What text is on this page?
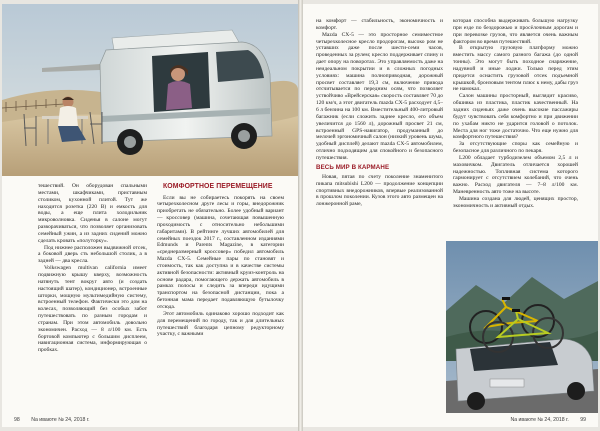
тешествий. Он оборудован спальными местами, шкафчиками, приставным столиком, кухонной плитой. Тут же находится розетка (220 В) и емкость для воды, а еще плита холодильник микроволновка. Сиденья в салоне могут разворачиваться, что позволяет организовать семейный ужин, а из задних сидений можно сделать кровать «полуторку».

Под нижнее расположен выдвижной отсек, а боковой дверь сть небольшой столик, а в задней — два кресла.

Volkswagen multivan california имеет подвижную крышу кверху, возможность натянуть тент вокруг авто (и создать настоящий шатер), кондиционер, встроенные шторки, мощную мультимедийную систему, встроенный телефон. Фактически это дом на колесах, позволяющий без особых забот путешествовать по разным городам и странам. При этом автомобиль довольно экономичен. Расход — 8 л/100 км. Есть бортовой компьютер с большим дисплеем, навигационная система, информирующая о пробках.

КОМФОРТНОЕ ПЕРЕМЕЩЕНИЕ

Если вы не собираетесь покорять на своем четырехколесном друге лесы и горы, внедорожник приобретать не обязательно. Более удобный вариант — кроссовер (машина, сочетающая повышенную проходимость с относительно небольшими габаритами). В рейтинге лучших автомобилей для семейных поездок 2017 г., составленном изданиями Edmunds и Parents Magazine, в категории «среднеразмерный кроссовер» победил автомобиль Mazda CX-5. Семейные пары по становят и стоимость, так как доступна и в качестве системы активной безопасности: активный круиз-контроль на основе радара, помогающего держать автомобиль в рамках полосы и следить за впереди идущими транспортом на безопасной дистанции, пока а бетонная мама передает подавляющую бутылочку отсюда.

Этот автомобиль одинаково хорошо подходит как для перемещений по городу, так и для длительных путешествий благодаря цепному редукторному участку, с важными

98 Na иваюте № 24, 2018 г.

на комфорт — стабильность, экономичность и комфорт.

Mazda CX-5 — это просторное семиместное четырехколесное кресло продорогам, высоко ром не уставших даже после шести-семи часов, проведенных за рулем; кресло поддерживает спину и дает опору на поворотах. Это управляемость даже на неидеальном покрытии и в сложных погодных условиях: машина полноприводная, дорожный просвет составляет 19,3 см, включение привода отсчитывается по передним осям, что позволяет уствойчиво «Врейсерская» скорость составляет 70 до 120 км/ч, а этот двигатель mazda CX-5 расходует 4,5–6 л бензина на 100 км. Вместительный 400-литровый багажник (если сложить заднее кресло, его объем увеличится до 1560 л), дорожный просвет 21 см, встроенный GPS-навигатор, продуманный до мелочей эргономичный салон (низкий уровень шума, удобный дисплей) делают mazda CX-5 автомобилем, отлично подходящим для спокойного и безопасного путешествия.

ВЕСЬ МИР В КАРМАНЕ

Новая, пятая по счету поколение знаменитого пикапа mitsubishi L200 — продолжение концепции спортивных внедорожников, впервые реализованной в прошлом поколении. Кузов этого авто размещен на лонжеронной раме,

которая способна выдерживать большую нагрузку при езде по бездорожью и просёлочным дорогам и при перевозке грузов, что является очень важным фактором во время путешествий.

В открытую грузовую платформу можно вместить массу самого разного багажа (до одной тонны). Это могут быть походное снаряжение, надувной и иные лоджи. Только перед этим придется оснастить грузовой отсек подъемной крышкой, бронзовым тентом плюс к нему, дабы груз не намокал.

Салон машины просторный, выглядит красиво, обшивка из пластика, пластик качественный. На задних сиденьях даже очень высокие пассажиры будут чувствовать себя комфортно и при движении по ухабам никто не ударится головой о потолок. Места для ног тоже достаточно. Что еще нужно для комфортного путешествия?

За отсутствующие споры как семейную и безопасное для различного по пекаря.

L200 обладает турбодизелем объемом 2,5 л и маховичком. Двигатель отличается хорошей надежностью. Топливная система которого гармонирует с отсутствием колебаний, что очень важно. Расход двигателя — 7–8 л/100 км. Маневренность авто тоже на высоте.

Машина создана для людей, ценящих простор, экономичность и активный отдых.

Na иваюте № 24, 2018 г. 99
